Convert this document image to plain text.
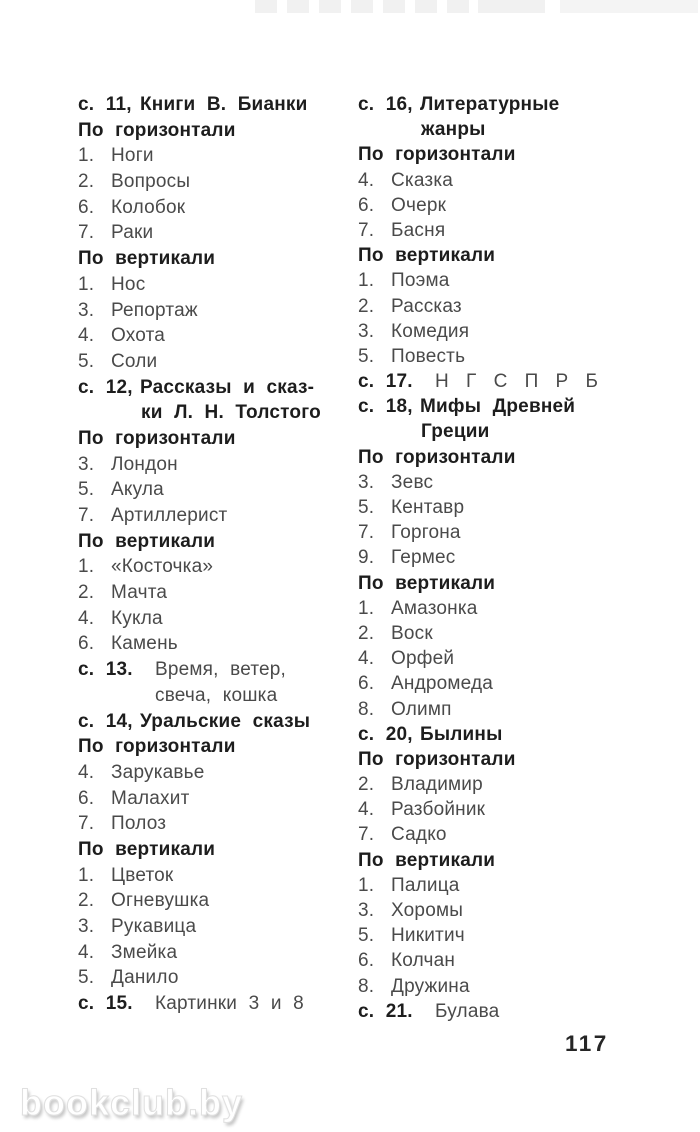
с. 11, Книги В. Бианки
По горизонтали
1. Ноги
2. Вопросы
6. Колобок
7. Раки
По вертикали
1. Нос
3. Репортаж
4. Охота
5. Соли
с. 12, Рассказы и сказ-
ки Л. Н. Толстого
По горизонтали
3. Лондон
5. Акула
7. Артиллерист
По вертикали
1. «Косточка»
2. Мачта
4. Кукла
6. Камень
с. 13. Время, ветер,
свеча, кошка
с. 14, Уральские сказы
По горизонтали
4. Зарукавье
6. Малахит
7. Полоз
По вертикали
1. Цветок
2. Огневушка
3. Рукавица
4. Змейка
5. Данило
с. 15. Картинки 3 и 8
с. 16, Литературные
жанры
По горизонтали
4. Сказка
6. Очерк
7. Басня
По вертикали
1. Поэма
2. Рассказ
3. Комедия
5. Повесть
с. 17. Н Г С П Р Б
с. 18, Мифы Древней
Греции
По горизонтали
3. Зевс
5. Кентавр
7. Горгона
9. Гермес
По вертикали
1. Амазонка
2. Воск
4. Орфей
6. Андромеда
8. Олимп
с. 20, Былины
По горизонтали
2. Владимир
4. Разбойник
7. Садко
По вертикали
1. Палица
3. Хоромы
5. Никитич
6. Колчан
8. Дружина
с. 21. Булава
117
bookclub.by
